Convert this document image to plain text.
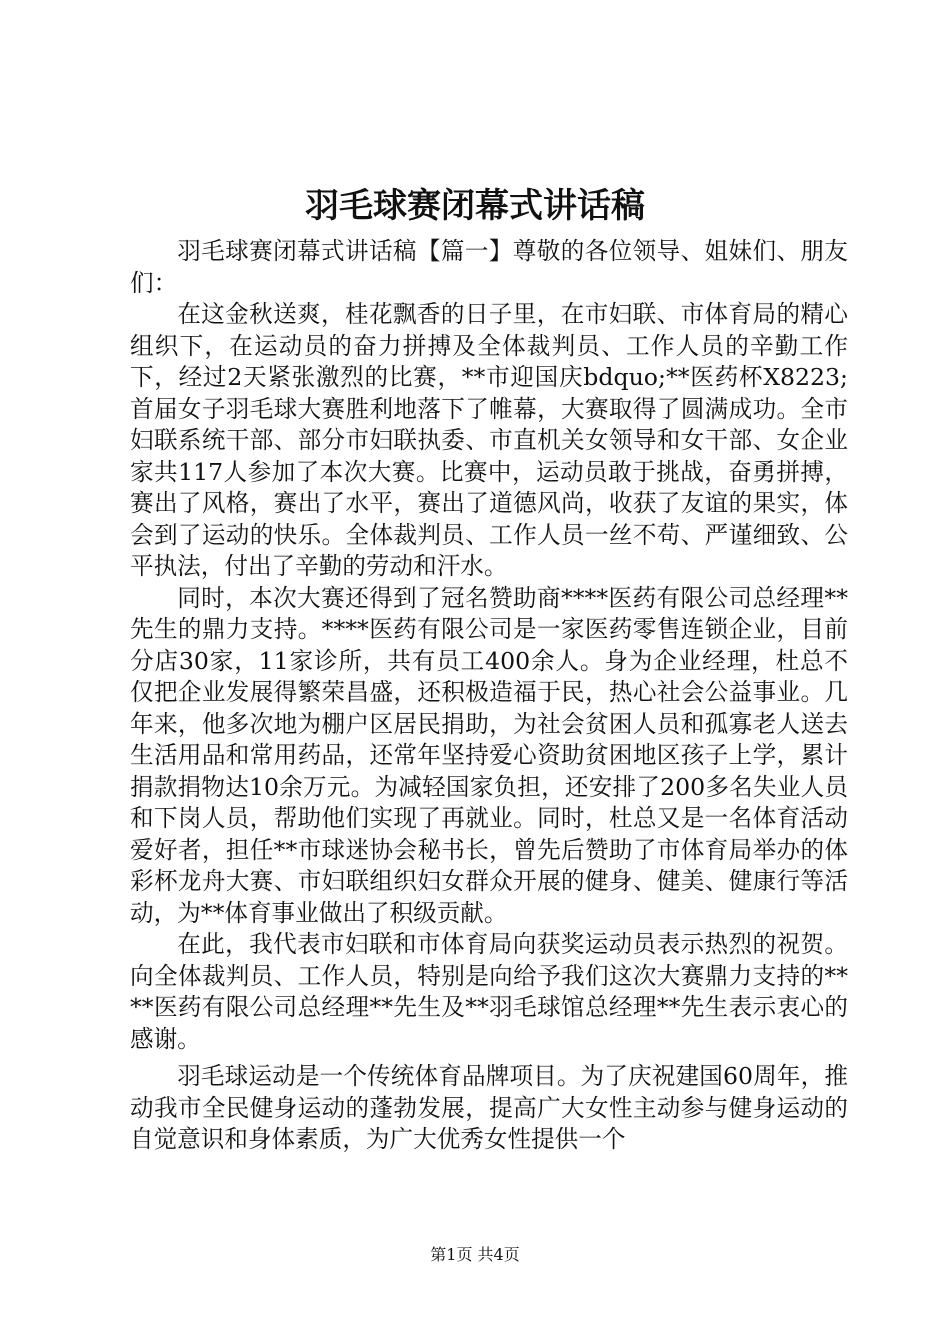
羽毛球赛闭幕式讲话稿

羽毛球赛闭幕式讲话稿【篇一】尊敬的各位领导、姐妹们、朋友们：

在这金秋送爽，桂花飘香的日子里，在市妇联、市体育局的精心组织下，在运动员的奋力拼搏及全体裁判员、工作人员的辛勤工作下，经过2天紧张激烈的比赛，**市迎国庆bdquo;**医药杯X8223;首届女子羽毛球大赛胜利地落下了帷幕，大赛取得了圆满成功。全市妇联系统干部、部分市妇联执委、市直机关女领导和女干部、女企业家共117人参加了本次大赛。比赛中，运动员敢于挑战，奋勇拼搏，赛出了风格，赛出了水平，赛出了道德风尚，收获了友谊的果实，体会到了运动的快乐。全体裁判员、工作人员一丝不苟、严谨细致、公平执法，付出了辛勤的劳动和汗水。

同时，本次大赛还得到了冠名赞助商****医药有限公司总经理**先生的鼎力支持。****医药有限公司是一家医药零售连锁企业，目前分店30家，11家诊所，共有员工400余人。身为企业经理，杜总不仅把企业发展得繁荣昌盛，还积极造福于民，热心社会公益事业。几年来，他多次地为棚户区居民捐助，为社会贫困人员和孤寡老人送去生活用品和常用药品，还常年坚持爱心资助贫困地区孩子上学，累计捐款捐物达10余万元。为减轻国家负担，还安排了200多名失业人员和下岗人员，帮助他们实现了再就业。同时，杜总又是一名体育活动爱好者，担任**市球迷协会秘书长，曾先后赞助了市体育局举办的体彩杯龙舟大赛、市妇联组织妇女群众开展的健身、健美、健康行等活动，为**体育事业做出了积级贡献。

在此，我代表市妇联和市体育局向获奖运动员表示热烈的祝贺。向全体裁判员、工作人员，特别是向给予我们这次大赛鼎力支持的****医药有限公司总经理**先生及**羽毛球馆总经理**先生表示衷心的感谢。

羽毛球运动是一个传统体育品牌项目。为了庆祝建国60周年，推动我市全民健身运动的蓬勃发展，提高广大女性主动参与健身运动的自觉意识和身体素质，为广大优秀女性提供一个

第1页 共4页
